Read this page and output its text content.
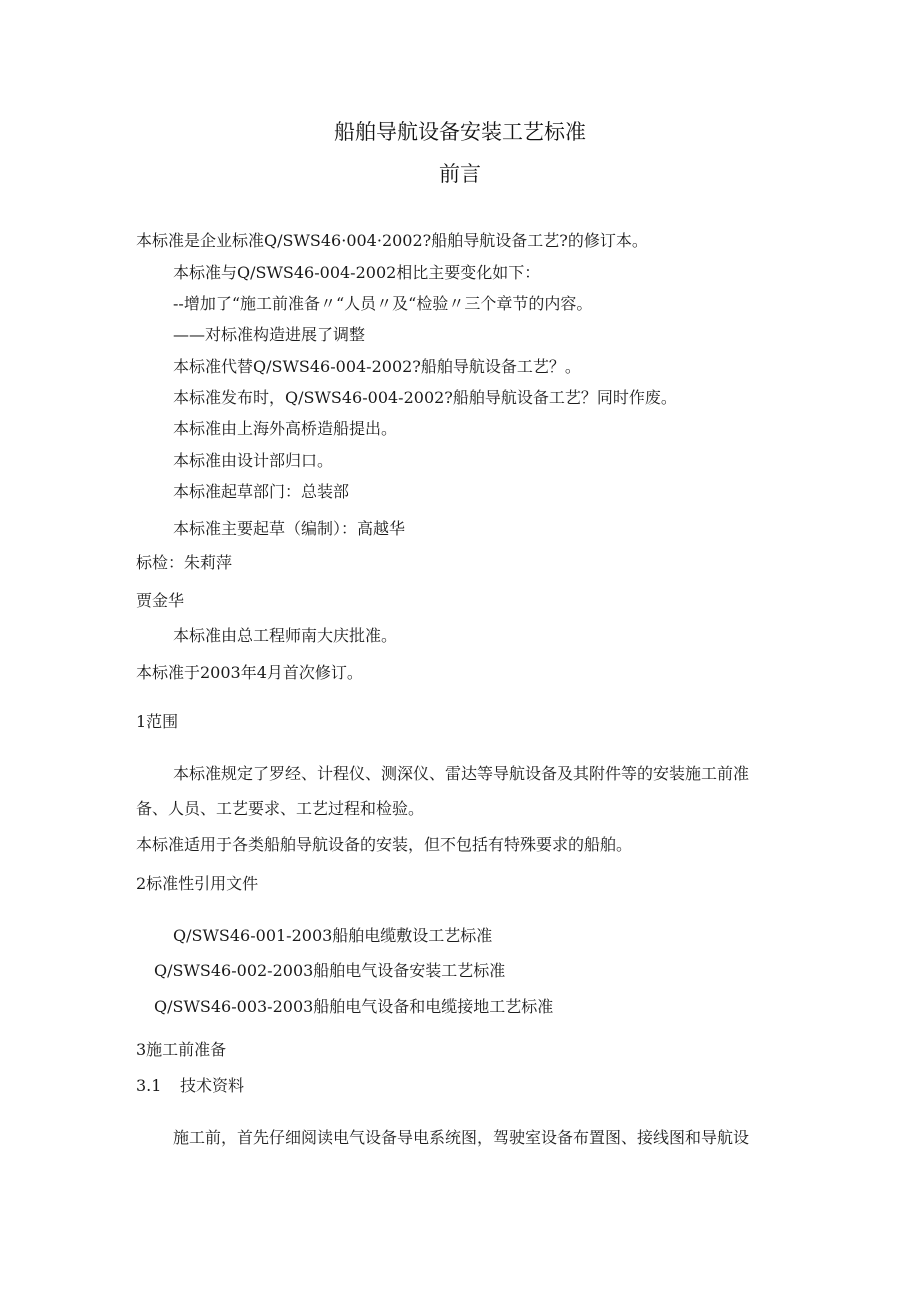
船舶导航设备安装工艺标准
前言
本标准是企业标准Q/SWS46·004·2002?船舶导航设备工艺?的修订本。
本标准与Q/SWS46-004-2002相比主要变化如下：
--增加了“施工前准备〃“人员〃及“检验〃三个章节的内容。
——对标准构造进展了调整
本标准代替Q/SWS46-004-2002?船舶导航设备工艺？。
本标准发布时，Q/SWS46-004-2002?船舶导航设备工艺？同时作废。
本标准由上海外高桥造船提出。
本标准由设计部归口。
本标准起草部门：总装部
本标准主要起草（编制）：高越华
标检：朱莉萍
贾金华
本标准由总工程师南大庆批准。
本标准于2003年4月首次修订。
1范围
本标准规定了罗经、计程仪、测深仪、雷达等导航设备及其附件等的安装施工前准
备、人员、工艺要求、工艺过程和检验。
本标准适用于各类船舶导航设备的安装，但不包括有特殊要求的船舶。
2标准性引用文件
Q/SWS46-001-2003船舶电缆敷设工艺标准
Q/SWS46-002-2003船舶电气设备安装工艺标准
Q/SWS46-003-2003船舶电气设备和电缆接地工艺标准
3施工前准备
3.1 技术资料
施工前，首先仔细阅读电气设备导电系统图，驾驶室设备布置图、接线图和导航设
